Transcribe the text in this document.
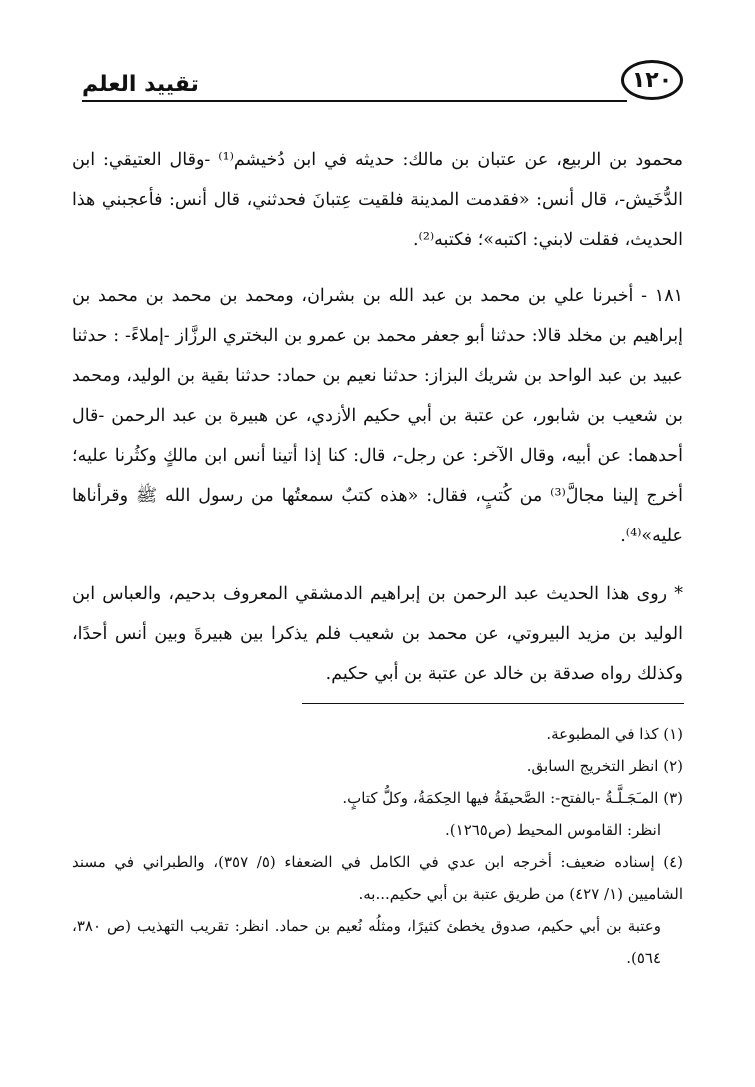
تقييد العلم	١٢٠

محمود بن الربيع، عن عتبان بن مالك: حديثه في ابن دُخيشم⁽¹⁾ -وقال العتيقي: ابن الدُّخَيش-، قال أنس: «فقدمت المدينة فلقيت عِتبانَ فحدثني، قال أنس: فأعجبني هذا الحديث، فقلت لابني: اكتبه»؛ فكتبه⁽²⁾.

١٨١ - أخبرنا علي بن محمد بن عبد الله بن بشران، ومحمد بن محمد بن محمد بن إبراهيم بن مخلد قالا: حدثنا أبو جعفر محمد بن عمرو بن البختري الرزَّاز -إملاءً- : حدثنا عبيد بن عبد الواحد بن شريك البزاز: حدثنا نعيم بن حماد: حدثنا بقية بن الوليد، ومحمد بن شعيب بن شابور، عن عتبة بن أبي حكيم الأزدي، عن هبيرة بن عبد الرحمن -قال أحدهما: عن أبيه، وقال الآخر: عن رجل-، قال: كنا إذا أتينا أنس ابن مالكٍ وكثُرنا عليه؛ أخرج إلينا مجالَّ⁽³⁾ من كُتبٍ، فقال: «هذه كتبٌ سمعتُها من رسول الله ﷺ وقرأناها عليه»⁽⁴⁾.

* روى هذا الحديث عبد الرحمن بن إبراهيم الدمشقي المعروف بدحيم، والعباس ابن الوليد بن مزيد البيروتي، عن محمد بن شعيب فلم يذكرا بين هبيرةَ وبين أنس أحدًا، وكذلك رواه صدقة بن خالد عن عتبة بن أبي حكيم.

(١) كذا في المطبوعة.

(٢) انظر التخريج السابق.

(٣) المـَجَـلَّـةُ -بالفتح-: الصَّحيفَةُ فيها الحِكمَةُ، وكلُّ كتابٍ.

انظر: القاموس المحيط (ص١٢٦٥).

(٤) إسناده ضعيف: أخرجه ابن عدي في الكامل في الضعفاء (٥/ ٣٥٧)، والطبراني في مسند الشاميين (١/ ٤٢٧) من طريق عتبة بن أبي حكيم...به.

وعتبة بن أبي حكيم، صدوق يخطئ كثيرًا، ومثلُه نُعيم بن حماد. انظر: تقريب التهذيب (ص ٣٨٠، ٥٦٤).
